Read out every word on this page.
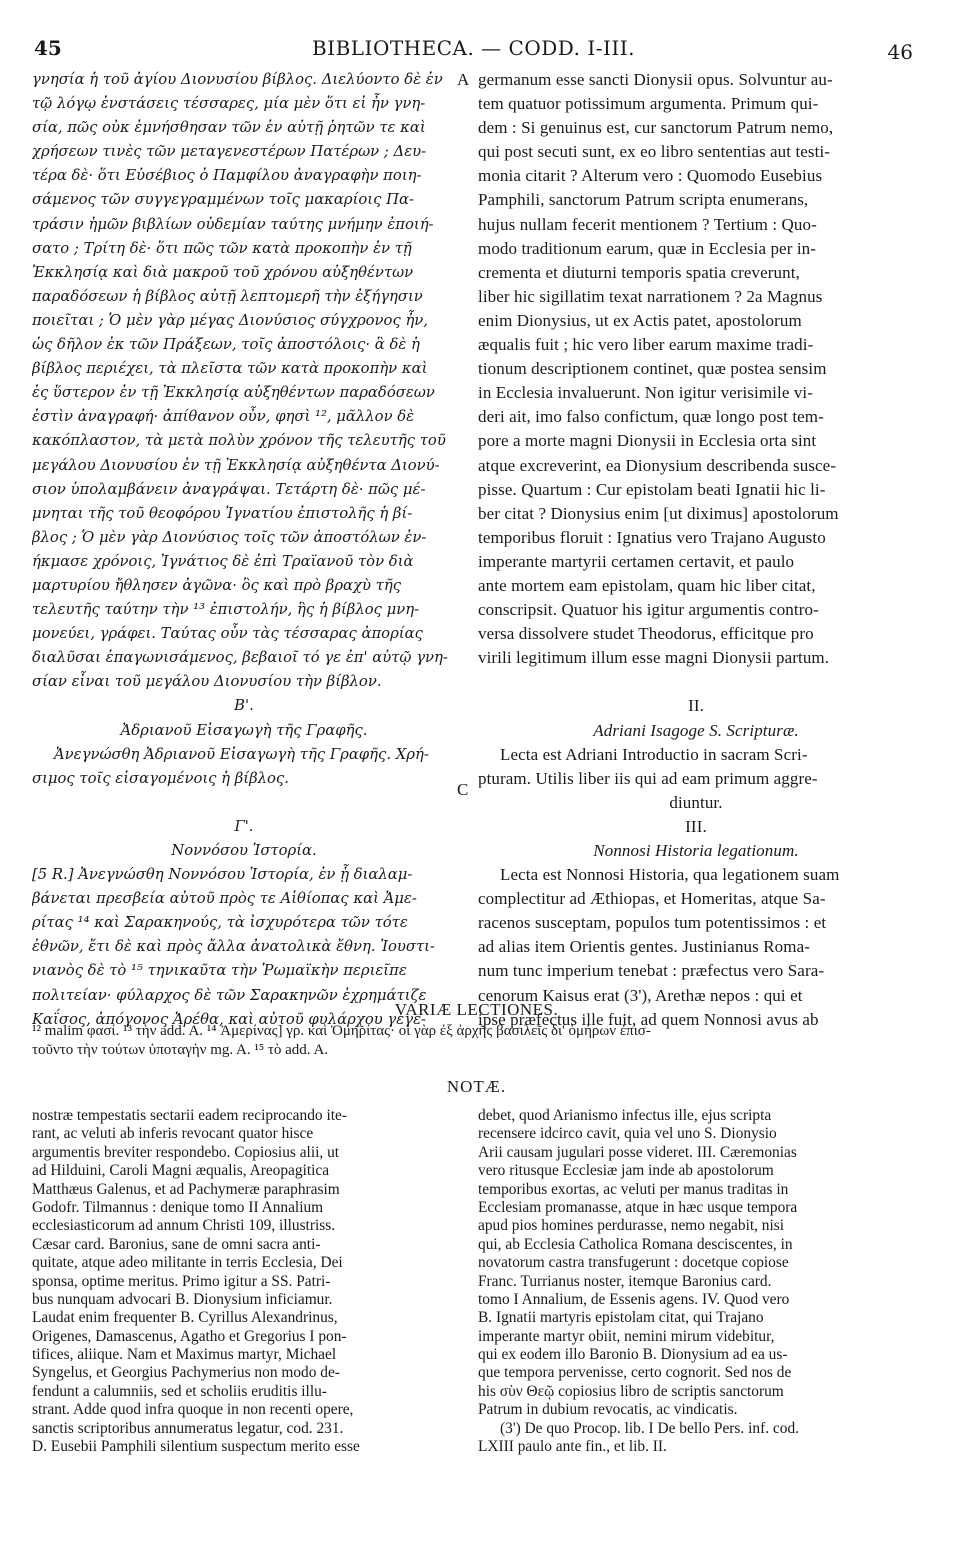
45	BIBLIOTHECA. — CODD. I-III.	46
A
C
γνησία ἡ τοῦ ἁγίου Διονυσίου βίβλος. Διελύοντο δὲ ἐν
τῷ λόγῳ ἐνστάσεις τέσσαρες, μία μὲν ὅτι εἰ ἦν γνη-
σία, πῶς οὐκ ἐμνήσθησαν τῶν ἐν αὐτῇ ῥητῶν τε καὶ
χρήσεων τινὲς τῶν μεταγενεστέρων Πατέρων ; Δευ-
τέρα δὲ· ὅτι Εὐσέβιος ὁ Παμφίλου ἀναγραφὴν ποιη-
σάμενος τῶν συγγεγραμμένων τοῖς μακαρίοις Πα-
τράσιν ἡμῶν βιβλίων οὐδεμίαν ταύτης μνήμην ἐποιή-
σατο ; Τρίτη δὲ· ὅτι πῶς τῶν κατὰ προκοπὴν ἐν τῇ
Ἐκκλησίᾳ καὶ διὰ μακροῦ τοῦ χρόνου αὐξηθέντων
παραδόσεων ἡ βίβλος αὐτῇ λεπτομερῆ τὴν ἐξήγησιν
ποιεῖται ; Ὁ μὲν γὰρ μέγας Διονύσιος σύγχρονος ἦν,
ὡς δῆλον ἐκ τῶν Πράξεων, τοῖς ἀποστόλοις· ἃ δὲ ἡ
βίβλος περιέχει, τὰ πλεῖστα τῶν κατὰ προκοπὴν καὶ
ἐς ὕστερον ἐν τῇ Ἐκκλησίᾳ αὐξηθέντων παραδόσεων
ἐστὶν ἀναγραφή· ἀπίθανον οὖν, φησὶ ¹², μᾶλλον δὲ
κακόπλαστον, τὰ μετὰ πολὺν χρόνον τῆς τελευτῆς τοῦ
μεγάλου Διονυσίου ἐν τῇ Ἐκκλησίᾳ αὐξηθέντα Διονύ-
σιον ὑπολαμβάνειν ἀναγράψαι. Τετάρτη δὲ· πῶς μέ-
μνηται τῆς τοῦ θεοφόρου Ἰγνατίου ἐπιστολῆς ἡ βί-
βλος ; Ὁ μὲν γὰρ Διονύσιος τοῖς τῶν ἀποστόλων ἐν-
ήκμασε χρόνοις, Ἰγνάτιος δὲ ἐπὶ Τραϊανοῦ τὸν διὰ
μαρτυρίου ἤθλησεν ἀγῶνα· ὃς καὶ πρὸ βραχὺ τῆς
τελευτῆς ταύτην τὴν ¹³ ἐπιστολήν, ἣς ἡ βίβλος μνη-
μονεύει, γράφει. Ταύτας οὖν τὰς τέσσαρας ἀπορίας
διαλῦσαι ἐπαγωνισάμενος, βεβαιοῖ τό γε ἐπ' αὐτῷ γνη-
σίαν εἶναι τοῦ μεγάλου Διονυσίου τὴν βίβλον.
Β'.
Ἀδριανοῦ Εἰσαγωγὴ τῆς Γραφῆς.
Ἀνεγνώσθη Ἀδριανοῦ Εἰσαγωγὴ τῆς Γραφῆς. Χρή-
σιμος τοῖς εἰσαγομένοις ἡ βίβλος.
Γ'.
Νοννόσου Ἱστορία.
[5 R.] Ἀνεγνώσθη Νοννόσου Ἱστορία, ἐν ᾗ διαλαμ-
βάνεται πρεσβεία αὐτοῦ πρὸς τε Αἰθίοπας καὶ Ἀμε-
ρίτας ¹⁴ καὶ Σαρακηνούς, τὰ ἰσχυρότερα τῶν τότε
ἐθνῶν, ἔτι δὲ καὶ πρὸς ἄλλα ἀνατολικὰ ἔθνη. Ἰουστι-
νιανὸς δὲ τὸ ¹⁵ τηνικαῦτα τὴν Ῥωμαϊκὴν περιεῖπε
πολιτείαν· φύλαρχος δὲ τῶν Σαρακηνῶν ἐχρημάτιζε
Καΐσος, ἀπόγονος Ἀρέθα, καὶ αὐτοῦ φυλάρχου γεγε-
germanum esse sancti Dionysii opus. Solvuntur au-
tem quatuor potissimum argumenta. Primum qui-
dem : Si genuinus est, cur sanctorum Patrum nemo,
qui post secuti sunt, ex eo libro sententias aut testi-
monia citarit ? Alterum vero : Quomodo Eusebius
Pamphili, sanctorum Patrum scripta enumerans,
hujus nullam fecerit mentionem ? Tertium : Quo-
modo traditionum earum, quæ in Ecclesia per in-
crementa et diuturni temporis spatia creverunt,
liber hic sigillatim texat narrationem ? 2a Magnus
enim Dionysius, ut ex Actis patet, apostolorum
æqualis fuit ; hic vero liber earum maxime tradi-
tionum descriptionem continet, quæ postea sensim
in Ecclesia invaluerunt. Non igitur verisimile vi-
deri ait, imo falso confictum, quæ longo post tem-
pore a morte magni Dionysii in Ecclesia orta sint
atque excreverint, ea Dionysium describenda susce-
pisse. Quartum : Cur epistolam beati Ignatii hic li-
ber citat ? Dionysius enim [ut diximus] apostolorum
temporibus floruit : Ignatius vero Trajano Augusto
imperante martyrii certamen certavit, et paulo
ante mortem eam epistolam, quam hic liber citat,
conscripsit. Quatuor his igitur argumentis contro-
versa dissolvere studet Theodorus, efficitque pro
virili legitimum illum esse magni Dionysii partum.
II.
Adriani Isagoge S. Scripturæ.
Lecta est Adriani Introductio in sacram Scri-
pturam. Utilis liber iis qui ad eam primum aggre-
diuntur.
III.
Nonnosi Historia legationum.
Lecta est Nonnosi Historia, qua legationem suam
complectitur ad Æthiopas, et Homeritas, atque Sa-
racenos susceptam, populos tum potentissimos : et
ad alias item Orientis gentes. Justinianus Roma-
num tunc imperium tenebat : præfectus vero Sara-
cenorum Kaisus erat (3'), Arethæ nepos : qui et
ipse præfectus ille fuit, ad quem Nonnosi avus ab
VARIÆ LECTIONES.
¹² malim φασί. ¹³ τὴν add. A. ¹⁴ Ἀμερίνας] γρ. καὶ Ὁμηρίτας· οἱ γὰρ ἐξ ἀρχῆς βασιλεῖς δι' ὁμήρων ἐπισ-
τοῦντο τὴν τούτων ὑποταγὴν mg. A. ¹⁵ τὸ add. A.
NOTÆ.
nostræ tempestatis sectarii eadem reciprocando ite-
rant, ac veluti ab inferis revocant quator hisce
argumentis breviter respondebo. Copiosius alii, ut
ad Hilduini, Caroli Magni æqualis, Areopagitica
Matthæus Galenus, et ad Pachymeræ paraphrasim
Godofr. Tilmannus : denique tomo II Annalium
ecclesiasticorum ad annum Christi 109, illustriss.
Cæsar card. Baronius, sane de omni sacra anti-
quitate, atque adeo militante in terris Ecclesia, Dei
sponsa, optime meritus. Primo igitur a SS. Patri-
bus nunquam advocari B. Dionysium inficiamur.
Laudat enim frequenter B. Cyrillus Alexandrinus,
Origenes, Damascenus, Agatho et Gregorius I pon-
tifices, aliique. Nam et Maximus martyr, Michael
Syngelus, et Georgius Pachymerius non modo de-
fendunt a calumniis, sed et scholiis eruditis illu-
strant. Adde quod infra quoque in non recenti opere,
sanctis scriptoribus annumeratus legatur, cod. 231.
D. Eusebii Pamphili silentium suspectum merito esse
debet, quod Arianismo infectus ille, ejus scripta
recensere idcirco cavit, quia vel uno S. Dionysio
Arii causam jugulari posse videret. III. Cæremonias
vero ritusque Ecclesiæ jam inde ab apostolorum
temporibus exortas, ac veluti per manus traditas in
Ecclesiam promanasse, atque in hæc usque tempora
apud pios homines perdurasse, nemo negabit, nisi
qui, ab Ecclesia Catholica Romana desciscentes, in
novatorum castra transfugerunt : docetque copiose
Franc. Turrianus noster, itemque Baronius card.
tomo I Annalium, de Essenis agens. IV. Quod vero
B. Ignatii martyris epistolam citat, qui Trajano
imperante martyr obiit, nemini mirum videbitur,
qui ex eodem illo Baronio B. Dionysium ad ea us-
que tempora pervenisse, certo cognorit. Sed nos de
his σὺν Θεῷ copiosius libro de scriptis sanctorum
Patrum in dubium revocatis, ac vindicatis.
(3') De quo Procop. lib. I De bello Pers. inf. cod.
LXIII paulo ante fin., et lib. II.
